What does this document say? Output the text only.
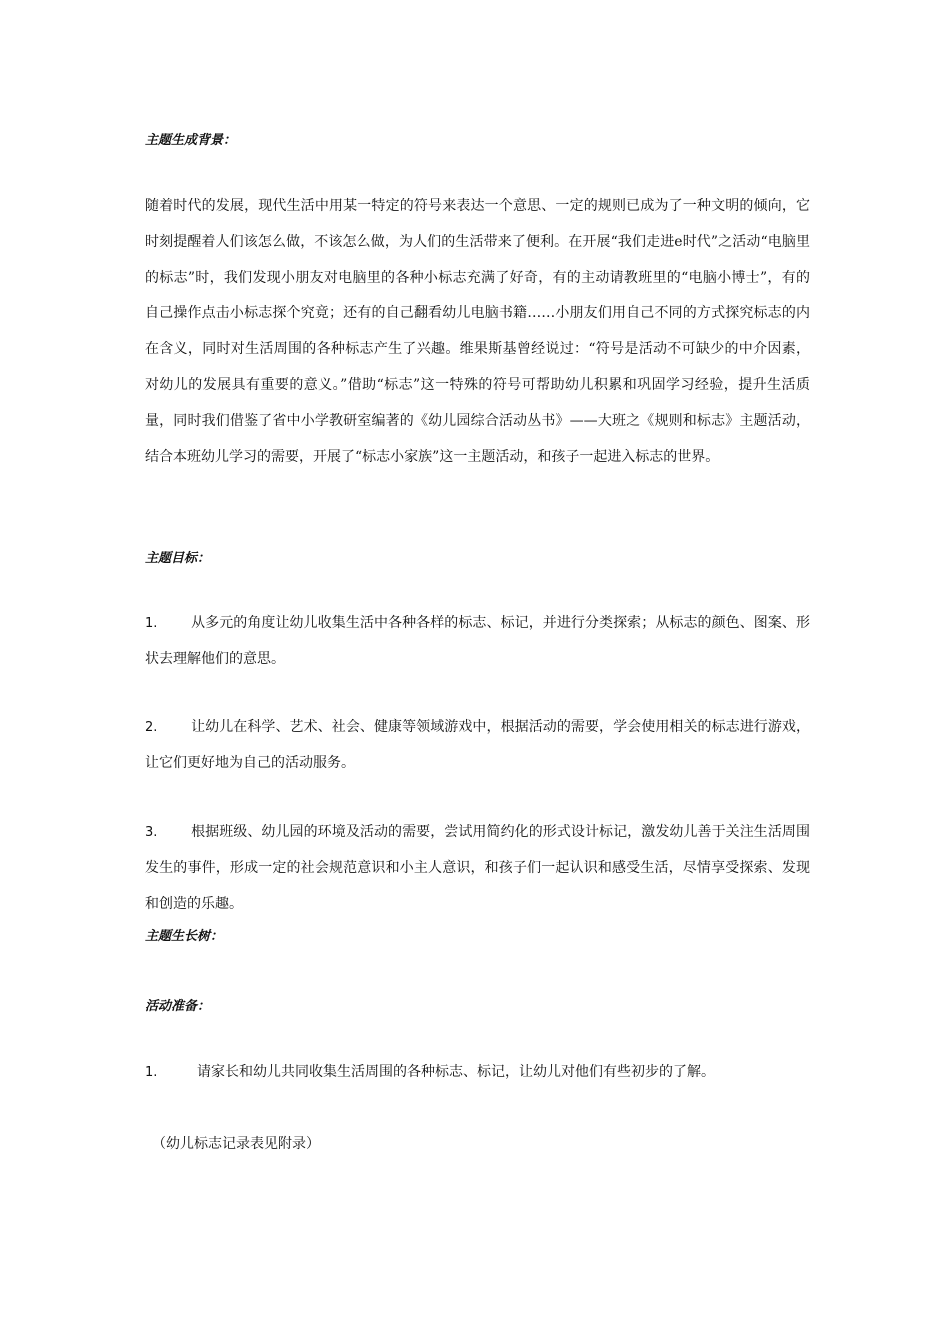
主题生成背景：
随着时代的发展，现代生活中用某一特定的符号来表达一个意思、一定的规则已成为了一种文明的倾向，它时刻提醒着人们该怎么做，不该怎么做，为人们的生活带来了便利。在开展“我们走进e时代”之活动“电脑里的标志”时，我们发现小朋友对电脑里的各种小标志充满了好奇，有的主动请教班里的“电脑小博士”，有的自己操作点击小标志探个究竟；还有的自己翻看幼儿电脑书籍……小朋友们用自己不同的方式探究标志的内在含义，同时对生活周围的各种标志产生了兴趣。维果斯基曾经说过：“符号是活动不可缺少的中介因素，对幼儿的发展具有重要的意义。”借助“标志”这一特殊的符号可帮助幼儿积累和巩固学习经验，提升生活质量，同时我们借鉴了省中小学教研室编著的《幼儿园综合活动丛书》——大班之《规则和标志》主题活动，结合本班幼儿学习的需要，开展了“标志小家族”这一主题活动，和孩子一起进入标志的世界。
主题目标：
1. 从多元的角度让幼儿收集生活中各种各样的标志、标记，并进行分类探索；从标志的颜色、图案、形状去理解他们的意思。
2. 让幼儿在科学、艺术、社会、健康等领域游戏中，根据活动的需要，学会使用相关的标志进行游戏，让它们更好地为自己的活动服务。
3. 根据班级、幼儿园的环境及活动的需要，尝试用简约化的形式设计标记，激发幼儿善于关注生活周围发生的事件，形成一定的社会规范意识和小主人意识，和孩子们一起认识和感受生活，尽情享受探索、发现和创造的乐趣。
主题生长树：
活动准备：
1.	请家长和幼儿共同收集生活周围的各种标志、标记，让幼儿对他们有些初步的了解。
（幼儿标志记录表见附录）
